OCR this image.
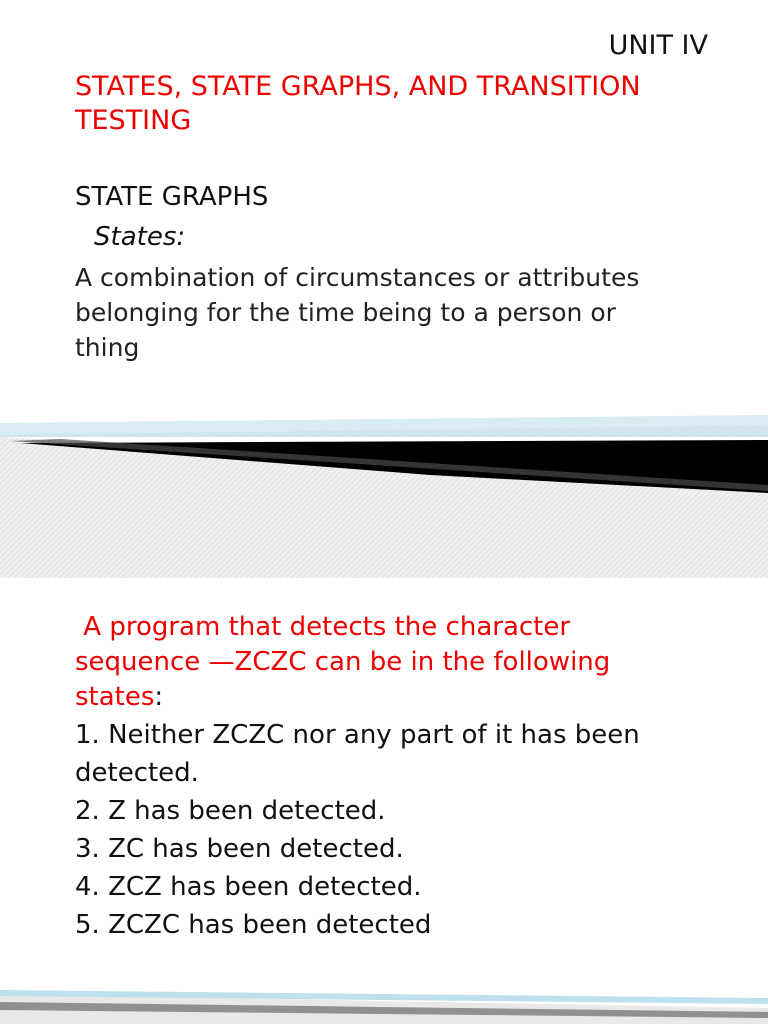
UNIT IV

STATES, STATE GRAPHS, AND TRANSITION
TESTING

STATE GRAPHS

States:

A combination of circumstances or attributes
belonging for the time being to a person or
thing
A program that detects the character
sequence —ZCZC can be in the following
states:

1. Neither ZCZC nor any part of it has been

detected.

2. Z has been detected.

3. ZC has been detected.

4. ZCZ has been detected.

5. ZCZC has been detected
